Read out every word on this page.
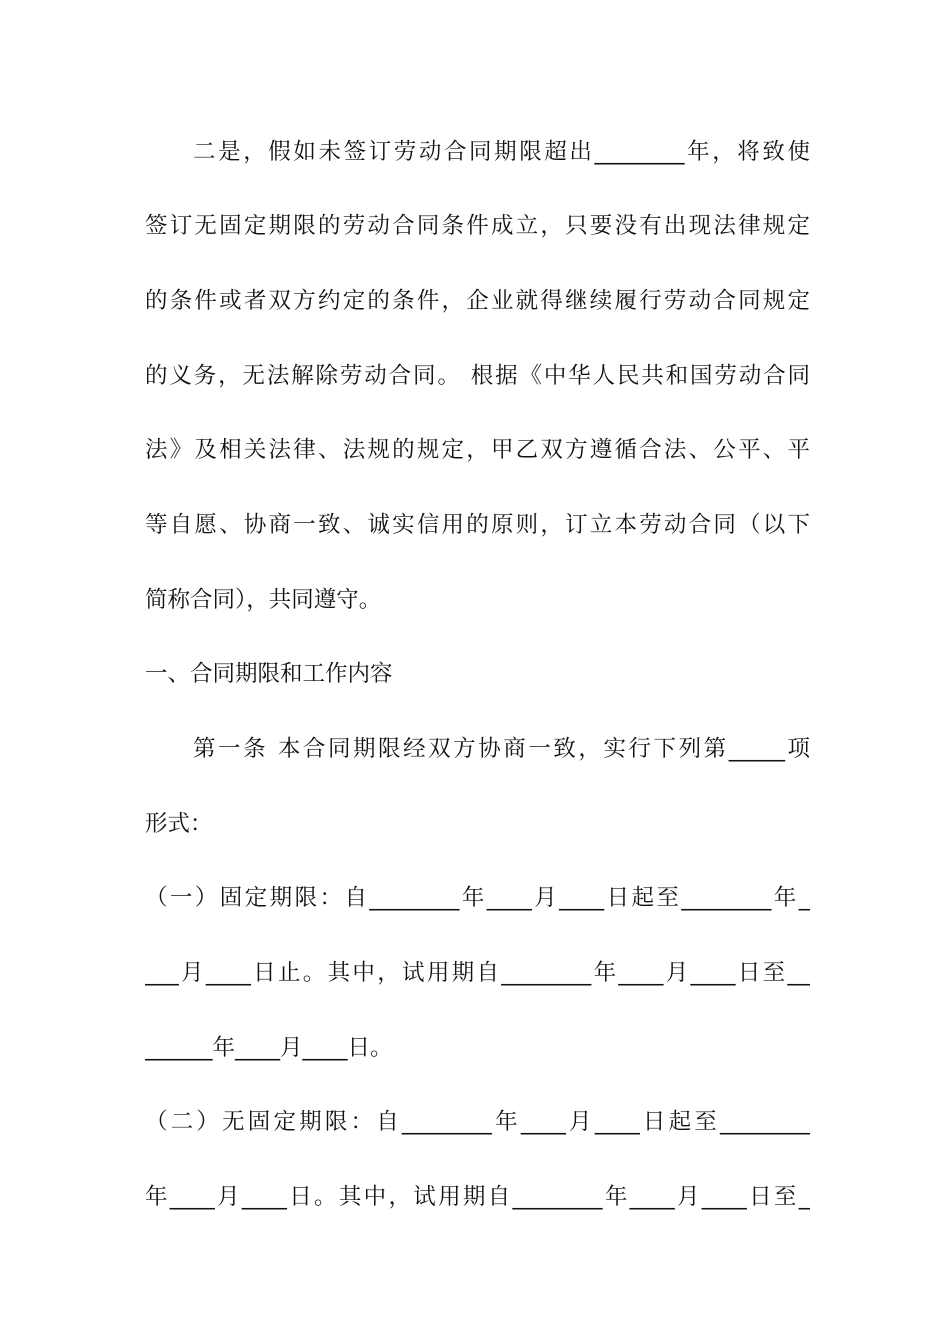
二是，假如未签订劳动合同期限超出________年，将致使
签订无固定期限的劳动合同条件成立，只要没有出现法律规定
的条件或者双方约定的条件，企业就得继续履行劳动合同规定
的义务，无法解除劳动合同。 根据《中华人民共和国劳动合同
法》及相关法律、法规的规定，甲乙双方遵循合法、公平、平
等自愿、协商一致、诚实信用的原则，订立本劳动合同（以下
简称合同），共同遵守。
一、合同期限和工作内容
第一条 本合同期限经双方协商一致，实行下列第_____项
形式：
（一）固定期限：自________年____月____日起至________年_
___月____日止。其中，试用期自________年____月____日至__
______年____月____日。
（二）无固定期限：自________年____月____日起至________
年____月____日。其中，试用期自________年____月____日至_
